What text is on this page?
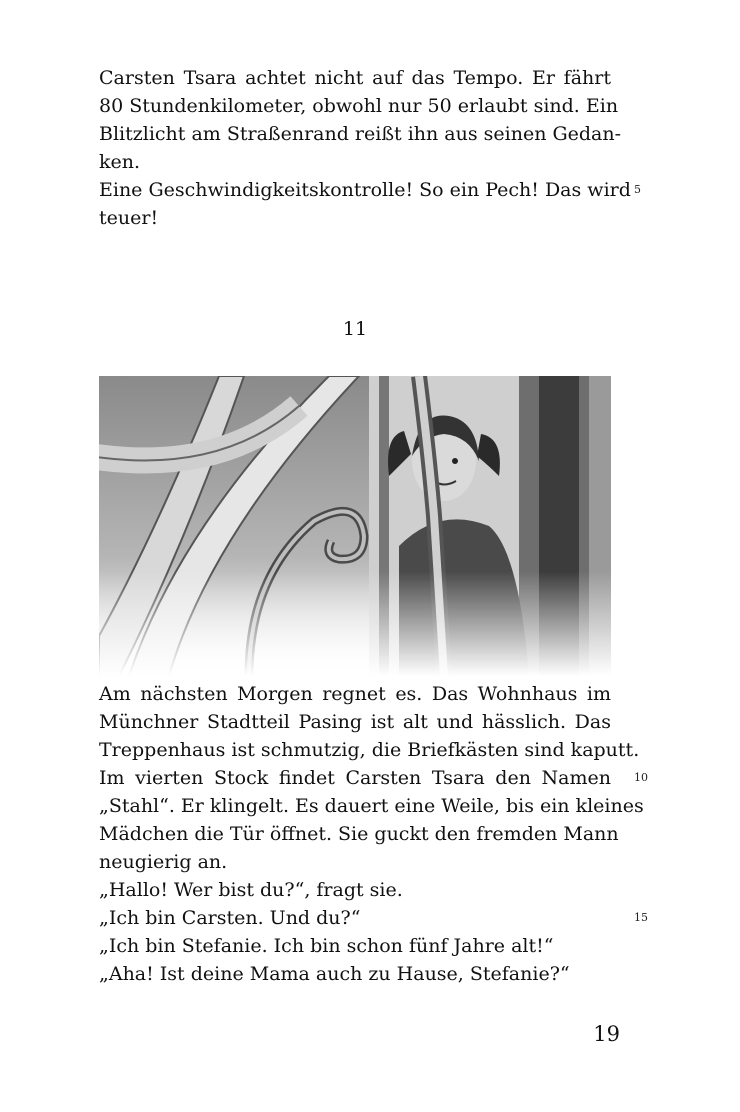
Carsten Tsara achtet nicht auf das Tempo. Er fährt
80 Stundenkilometer, obwohl nur 50 erlaubt sind. Ein
Blitzlicht am Straßenrand reißt ihn aus seinen Gedan-
ken.
Eine Geschwindigkeitskontrolle! So ein Pech! Das wird
teuer!
5
11
Am nächsten Morgen regnet es. Das Wohnhaus im
Münchner Stadtteil Pasing ist alt und hässlich. Das
Treppenhaus ist schmutzig, die Briefkästen sind kaputt.
Im vierten Stock findet Carsten Tsara den Namen
„Stahl“. Er klingelt. Es dauert eine Weile, bis ein kleines
Mädchen die Tür öffnet. Sie guckt den fremden Mann
neugierig an.
„Hallo! Wer bist du?“, fragt sie.
„Ich bin Carsten. Und du?“
„Ich bin Stefanie. Ich bin schon fünf Jahre alt!“
„Aha! Ist deine Mama auch zu Hause, Stefanie?“
10
15
19
